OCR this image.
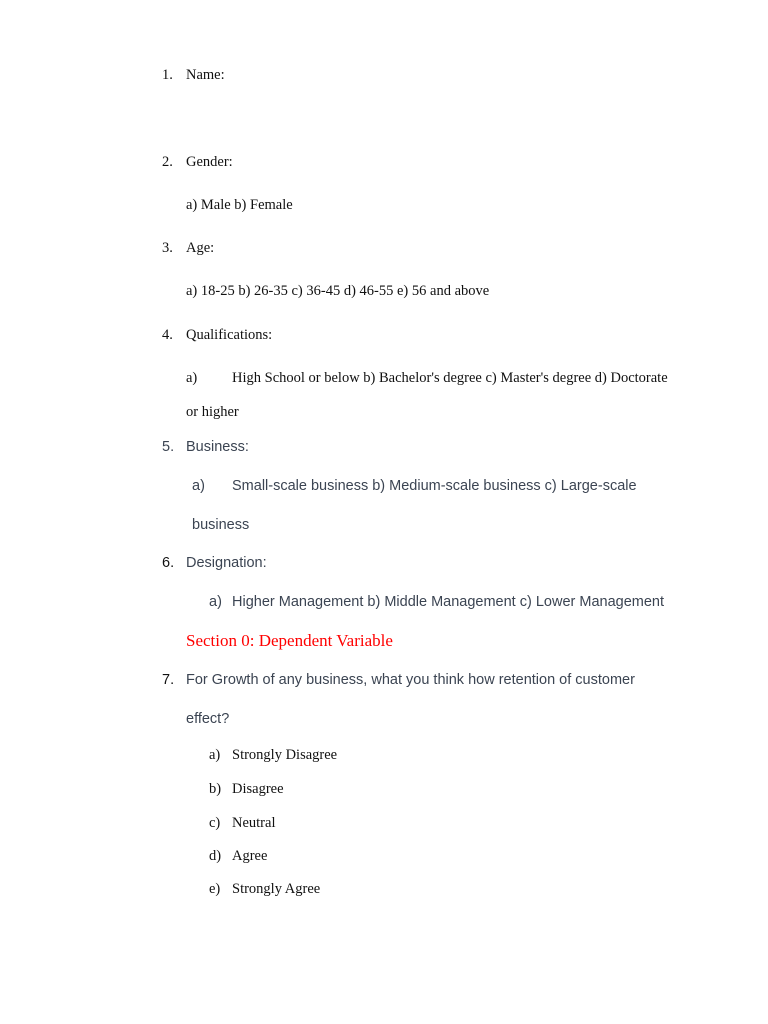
1. Name:
2. Gender:
a) Male b) Female
3. Age:
a) 18-25 b) 26-35 c) 36-45 d) 46-55 e) 56 and above
4. Qualifications:
a) High School or below b) Bachelor's degree c) Master's degree d) Doctorate
or higher
5. Business:
a) Small-scale business b) Medium-scale business c) Large-scale
business
6. Designation:
a) Higher Management b) Middle Management c) Lower Management
Section 0: Dependent Variable
7. For Growth of any business, what you think how retention of customer
effect?
a) Strongly Disagree
b) Disagree
c) Neutral
d) Agree
e) Strongly Agree
